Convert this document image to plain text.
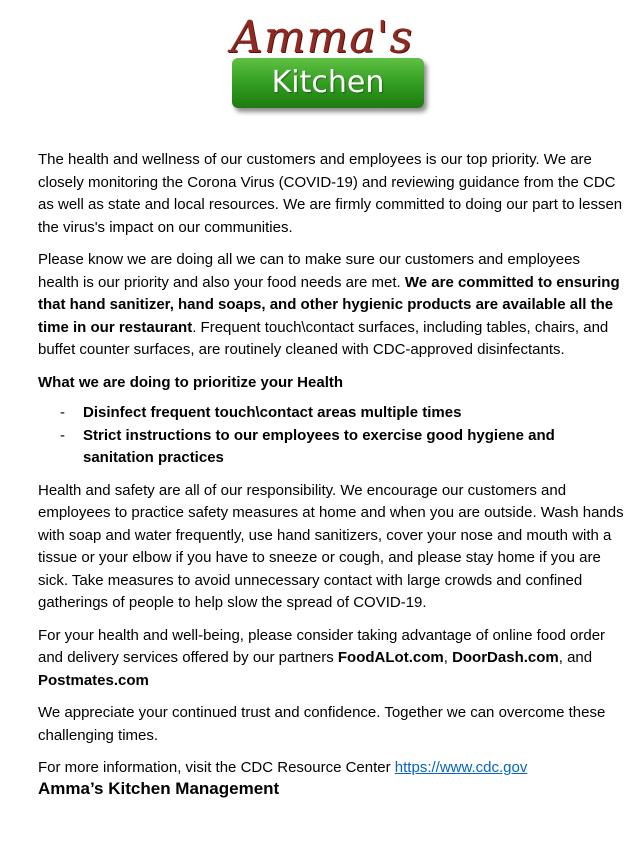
Amma's
Kitchen

The health and wellness of our customers and employees is our top priority. We are closely monitoring the Corona Virus (COVID-19) and reviewing guidance from the CDC as well as state and local resources. We are firmly committed to doing our part to lessen the virus's impact on our communities.

Please know we are doing all we can to make sure our customers and employees health is our priority and also your food needs are met. We are committed to ensuring that hand sanitizer, hand soaps, and other hygienic products are available all the time in our restaurant. Frequent touch\contact surfaces, including tables, chairs, and buffet counter surfaces, are routinely cleaned with CDC-approved disinfectants.

What we are doing to prioritize your Health
- Disinfect frequent touch\contact areas multiple times
- Strict instructions to our employees to exercise good hygiene and sanitation practices

Health and safety are all of our responsibility. We encourage our customers and employees to practice safety measures at home and when you are outside. Wash hands with soap and water frequently, use hand sanitizers, cover your nose and mouth with a tissue or your elbow if you have to sneeze or cough, and please stay home if you are sick. Take measures to avoid unnecessary contact with large crowds and confined gatherings of people to help slow the spread of COVID-19.

For your health and well-being, please consider taking advantage of online food order and delivery services offered by our partners FoodALot.com, DoorDash.com, and Postmates.com

We appreciate your continued trust and confidence. Together we can overcome these challenging times.

For more information, visit the CDC Resource Center https://www.cdc.gov

Amma’s Kitchen Management
